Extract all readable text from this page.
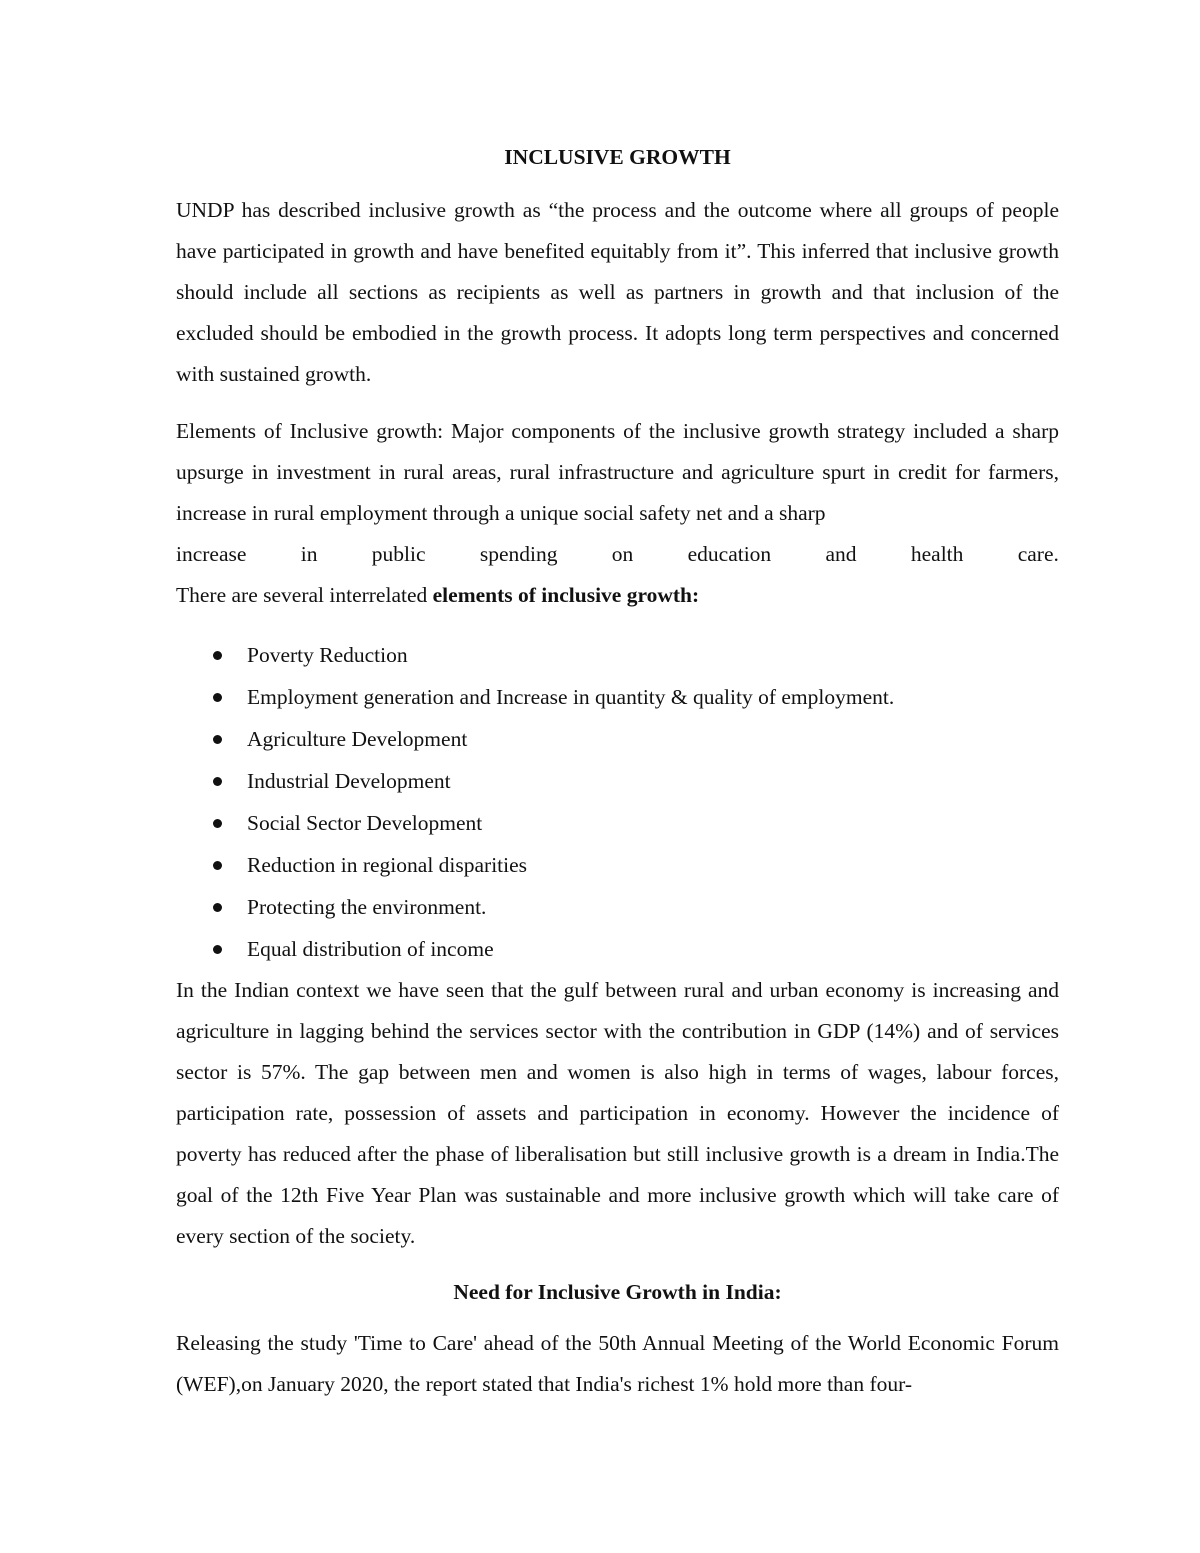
INCLUSIVE GROWTH

UNDP has described inclusive growth as “the process and the outcome where all groups of people have participated in growth and have benefited equitably from it”. This inferred that inclusive growth should include all sections as recipients as well as partners in growth and that inclusion of the excluded should be embodied in the growth process. It adopts long term perspectives and concerned with sustained growth.

Elements of Inclusive growth: Major components of the inclusive growth strategy included a sharp upsurge in investment in rural areas, rural infrastructure and agriculture spurt in credit for farmers, increase in rural employment through a unique social safety net and a sharp

increase	in	public	spending	on	education	and	health	care.

There are several interrelated elements of inclusive growth:

Poverty Reduction
Employment generation and Increase in quantity & quality of employment.
Agriculture Development
Industrial Development
Social Sector Development
Reduction in regional disparities
Protecting the environment.
Equal distribution of income

In the Indian context we have seen that the gulf between rural and urban economy is increasing and agriculture in lagging behind the services sector with the contribution in GDP (14%) and of services sector is 57%. The gap between men and women is also high in terms of wages, labour forces, participation rate, possession of assets and participation in economy. However the incidence of poverty has reduced after the phase of liberalisation but still inclusive growth is a dream in India.The goal of the 12th Five Year Plan was sustainable and more inclusive growth which will take care of every section of the society.

Need for Inclusive Growth in India:

Releasing the study 'Time to Care' ahead of the 50th Annual Meeting of the World Economic Forum (WEF),on January 2020, the report stated that India's richest 1% hold more than four-
